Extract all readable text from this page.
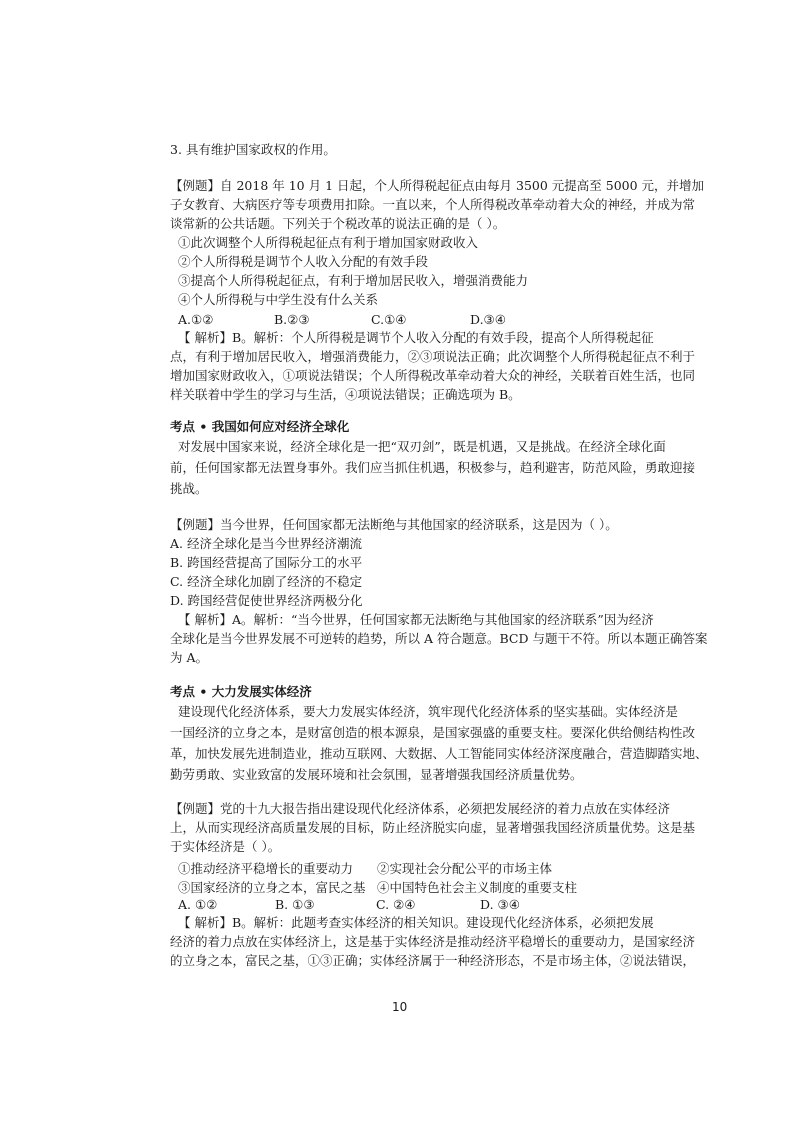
3. 具有维护国家政权的作用。
【例题】自 2018 年 10 月 1 日起，个人所得税起征点由每月 3500 元提高至 5000 元，并增加
子女教育、大病医疗等专项费用扣除。一直以来，个人所得税改革牵动着大众的神经，并成为常
谈常新的公共话题。下列关于个税改革的说法正确的是（ ）。
①此次调整个人所得税起征点有利于增加国家财政收入
②个人所得税是调节个人收入分配的有效手段
③提高个人所得税起征点，有利于增加居民收入，增强消费能力
④个人所得税与中学生没有什么关系
A.①②	B.②③	C.①④	D.③④
【 解析】B。解析：个人所得税是调节个人收入分配的有效手段，提高个人所得税起征
点，有利于增加居民收入，增强消费能力，②③项说法正确；此次调整个人所得税起征点不利于
增加国家财政收入，①项说法错误；个人所得税改革牵动着大众的神经，关联着百姓生活，也同
样关联着中学生的学习与生活，④项说法错误；正确选项为 B。
考点 • 我国如何应对经济全球化
对发展中国家来说，经济全球化是一把“双刃剑”，既是机遇，又是挑战。在经济全球化面
前，任何国家都无法置身事外。我们应当抓住机遇，积极参与，趋利避害，防范风险，勇敢迎接
挑战。
【例题】当今世界，任何国家都无法断绝与其他国家的经济联系，这是因为（ ）。
A. 经济全球化是当今世界经济潮流
B. 跨国经营提高了国际分工的水平
C. 经济全球化加剧了经济的不稳定
D. 跨国经营促使世界经济两极分化
【 解析】A。解析：“当今世界，任何国家都无法断绝与其他国家的经济联系”因为经济
全球化是当今世界发展不可逆转的趋势，所以 A 符合题意。BCD 与题干不符。所以本题正确答案
为 A。
考点 • 大力发展实体经济
建设现代化经济体系，要大力发展实体经济，筑牢现代化经济体系的坚实基础。实体经济是
一国经济的立身之本，是财富创造的根本源泉，是国家强盛的重要支柱。要深化供给侧结构性改
革，加快发展先进制造业，推动互联网、大数据、人工智能同实体经济深度融合，营造脚踏实地、
勤劳勇敢、实业致富的发展环境和社会氛围，显著增强我国经济质量优势。
【例题】党的十九大报告指出建设现代化经济体系，必须把发展经济的着力点放在实体经济
上，从而实现经济高质量发展的目标，防止经济脱实向虚，显著增强我国经济质量优势。这是基
于实体经济是（ ）。
①推动经济平稳增长的重要动力 ②实现社会分配公平的市场主体
③国家经济的立身之本，富民之基 ④中国特色社会主义制度的重要支柱
A. ①②	B. ①③	C. ②④	D. ③④
【 解析】B。解析：此题考查实体经济的相关知识。建设现代化经济体系，必须把发展
经济的着力点放在实体经济上，这是基于实体经济是推动经济平稳增长的重要动力，是国家经济
的立身之本，富民之基，①③正确；实体经济属于一种经济形态，不是市场主体，②说法错误，
10
